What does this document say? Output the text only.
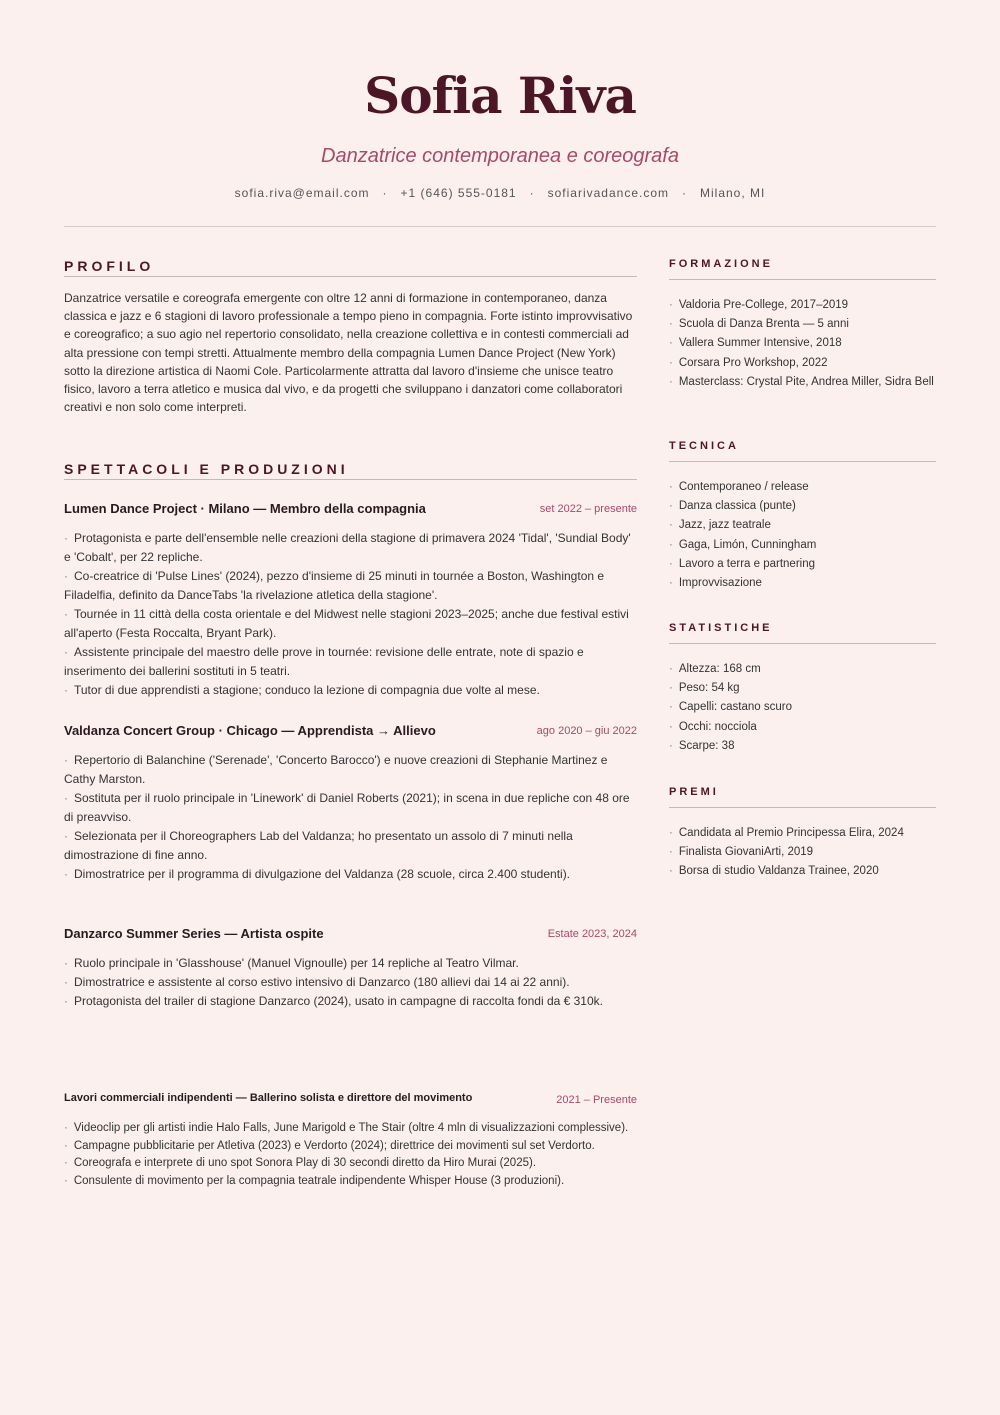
Sofia Riva
Danzatrice contemporanea e coreografa
sofia.riva@email.com · +1 (646) 555-0181 · sofiarivadance.com · Milano, MI
PROFILO
Danzatrice versatile e coreografa emergente con oltre 12 anni di formazione in contemporaneo, danza classica e jazz e 6 stagioni di lavoro professionale a tempo pieno in compagnia. Forte istinto improvvisativo e coreografico; a suo agio nel repertorio consolidato, nella creazione collettiva e in contesti commerciali ad alta pressione con tempi stretti. Attualmente membro della compagnia Lumen Dance Project (New York) sotto la direzione artistica di Naomi Cole. Particolarmente attratta dal lavoro d'insieme che unisce teatro fisico, lavoro a terra atletico e musica dal vivo, e da progetti che sviluppano i danzatori come collaboratori creativi e non solo come interpreti.
SPETTACOLI E PRODUZIONI
Lumen Dance Project · Milano — Membro della compagnia	set 2022 – presente
· Protagonista e parte dell'ensemble nelle creazioni della stagione di primavera 2024 'Tidal', 'Sundial Body' e 'Cobalt', per 22 repliche.
· Co-creatrice di 'Pulse Lines' (2024), pezzo d'insieme di 25 minuti in tournée a Boston, Washington e Filadelfia, definito da DanceTabs 'la rivelazione atletica della stagione'.
· Tournée in 11 città della costa orientale e del Midwest nelle stagioni 2023–2025; anche due festival estivi all'aperto (Festa Roccalta, Bryant Park).
· Assistente principale del maestro delle prove in tournée: revisione delle entrate, note di spazio e inserimento dei ballerini sostituti in 5 teatri.
· Tutor di due apprendisti a stagione; conduco la lezione di compagnia due volte al mese.
Valdanza Concert Group · Chicago — Apprendista → Allievo	ago 2020 – giu 2022
· Repertorio di Balanchine ('Serenade', 'Concerto Barocco') e nuove creazioni di Stephanie Martinez e Cathy Marston.
· Sostituta per il ruolo principale in 'Linework' di Daniel Roberts (2021); in scena in due repliche con 48 ore di preavviso.
· Selezionata per il Choreographers Lab del Valdanza; ho presentato un assolo di 7 minuti nella dimostrazione di fine anno.
· Dimostratrice per il programma di divulgazione del Valdanza (28 scuole, circa 2.400 studenti).
Danzarco Summer Series — Artista ospite	Estate 2023, 2024
· Ruolo principale in 'Glasshouse' (Manuel Vignoulle) per 14 repliche al Teatro Vilmar.
· Dimostratrice e assistente al corso estivo intensivo di Danzarco (180 allievi dai 14 ai 22 anni).
· Protagonista del trailer di stagione Danzarco (2024), usato in campagne di raccolta fondi da € 310k.
Lavori commerciali indipendenti — Ballerino solista e direttore del movimento	2021 – Presente
· Videoclip per gli artisti indie Halo Falls, June Marigold e The Stair (oltre 4 mln di visualizzazioni complessive).
· Campagne pubblicitarie per Atletiva (2023) e Verdorto (2024); direttrice dei movimenti sul set Verdorto.
· Coreografa e interprete di uno spot Sonora Play di 30 secondi diretto da Hiro Murai (2025).
· Consulente di movimento per la compagnia teatrale indipendente Whisper House (3 produzioni).
FORMAZIONE
· Valdoria Pre-College, 2017–2019
· Scuola di Danza Brenta — 5 anni
· Vallera Summer Intensive, 2018
· Corsara Pro Workshop, 2022
· Masterclass: Crystal Pite, Andrea Miller, Sidra Bell
TECNICA
· Contemporaneo / release
· Danza classica (punte)
· Jazz, jazz teatrale
· Gaga, Limón, Cunningham
· Lavoro a terra e partnering
· Improvvisazione
STATISTICHE
· Altezza: 168 cm
· Peso: 54 kg
· Capelli: castano scuro
· Occhi: nocciola
· Scarpe: 38
PREMI
· Candidata al Premio Principessa Elira, 2024
· Finalista GiovaniArti, 2019
· Borsa di studio Valdanza Trainee, 2020
